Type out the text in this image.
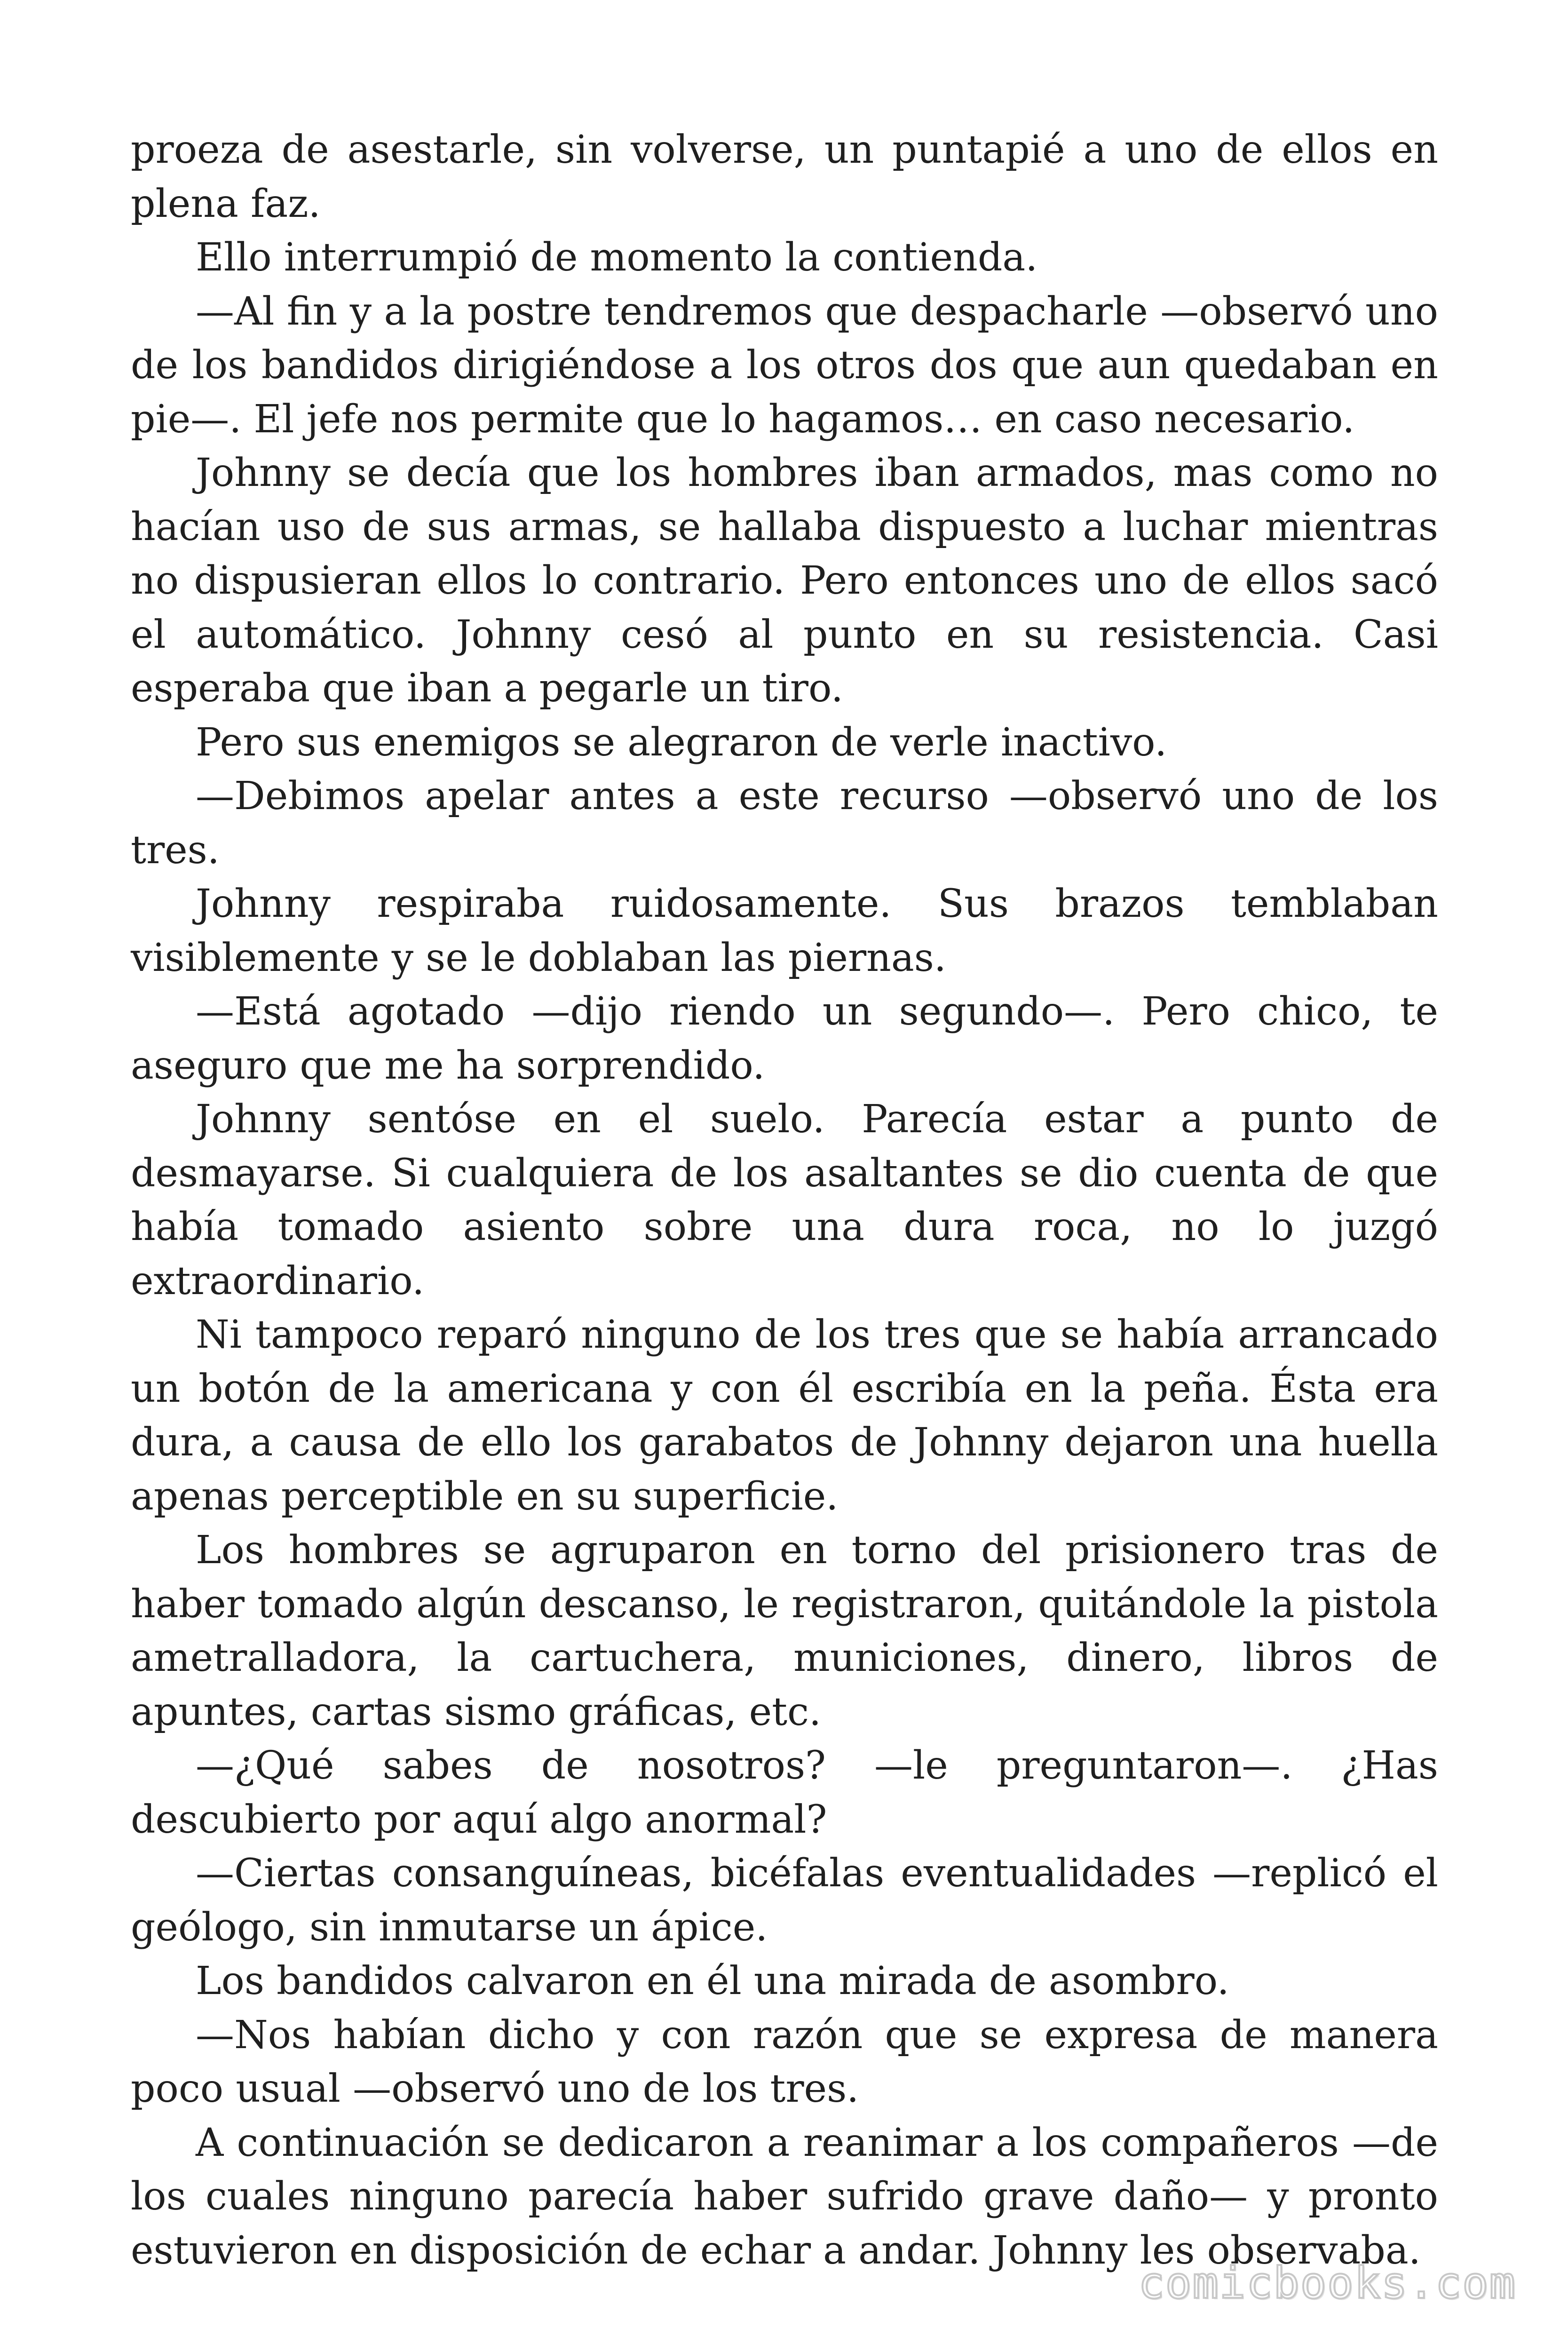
proeza de asestarle, sin volverse, un puntapié a uno de ellos en plena faz.

Ello interrumpió de momento la contienda.

—Al fin y a la postre tendremos que despacharle —observó uno de los bandidos dirigiéndose a los otros dos que aun quedaban en pie—. El jefe nos permite que lo hagamos… en caso necesario.

Johnny se decía que los hombres iban armados, mas como no hacían uso de sus armas, se hallaba dispuesto a luchar mientras no dispusieran ellos lo contrario. Pero entonces uno de ellos sacó el automático. Johnny cesó al punto en su resistencia. Casi esperaba que iban a pegarle un tiro.

Pero sus enemigos se alegraron de verle inactivo.

—Debimos apelar antes a este recurso —observó uno de los tres.

Johnny respiraba ruidosamente. Sus brazos temblaban visiblemente y se le doblaban las piernas.

—Está agotado —dijo riendo un segundo—. Pero chico, te aseguro que me ha sorprendido.

Johnny sentóse en el suelo. Parecía estar a punto de desmayarse. Si cualquiera de los asaltantes se dio cuenta de que había tomado asiento sobre una dura roca, no lo juzgó extraordinario.

Ni tampoco reparó ninguno de los tres que se había arrancado un botón de la americana y con él escribía en la peña. Ésta era dura, a causa de ello los garabatos de Johnny dejaron una huella apenas perceptible en su superficie.

Los hombres se agruparon en torno del prisionero tras de haber tomado algún descanso, le registraron, quitándole la pistola ametralladora, la cartuchera, municiones, dinero, libros de apuntes, cartas sismo gráficas, etc.

—¿Qué sabes de nosotros? —le preguntaron—. ¿Has descubierto por aquí algo anormal?

—Ciertas consanguíneas, bicéfalas eventualidades —replicó el geólogo, sin inmutarse un ápice.

Los bandidos calvaron en él una mirada de asombro.

—Nos habían dicho y con razón que se expresa de manera poco usual —observó uno de los tres.

A continuación se dedicaron a reanimar a los compañeros —de los cuales ninguno parecía haber sufrido grave daño— y pronto estuvieron en disposición de echar a andar. Johnny les observaba.

comicbooks.com
